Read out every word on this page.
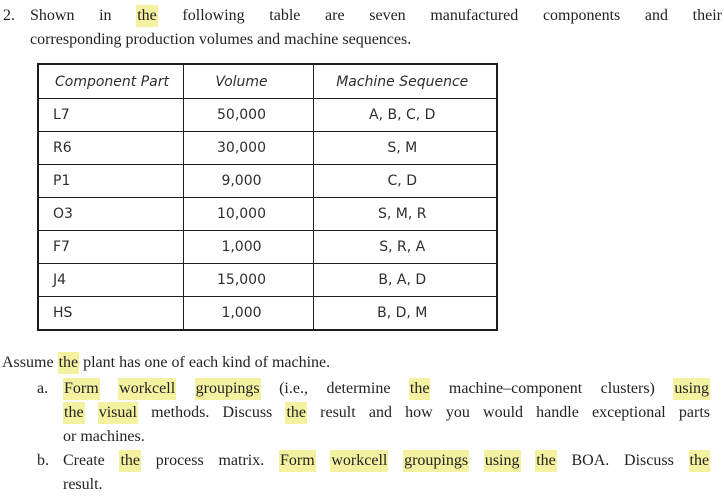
2. Shown in the following table are seven manufactured components and their
corresponding production volumes and machine sequences.
Component Part	Volume	Machine Sequence
L7	50,000	A, B, C, D
R6	30,000	S, M
P1	9,000	C, D
O3	10,000	S, M, R
F7	1,000	S, R, A
J4	15,000	B, A, D
HS	1,000	B, D, M
Assume the plant has one of each kind of machine.
a. Form workcell groupings (i.e., determine the machine–component clusters) using
the visual methods. Discuss the result and how you would handle exceptional parts
or machines.
b. Create the process matrix. Form workcell groupings using the BOA. Discuss the
result.
